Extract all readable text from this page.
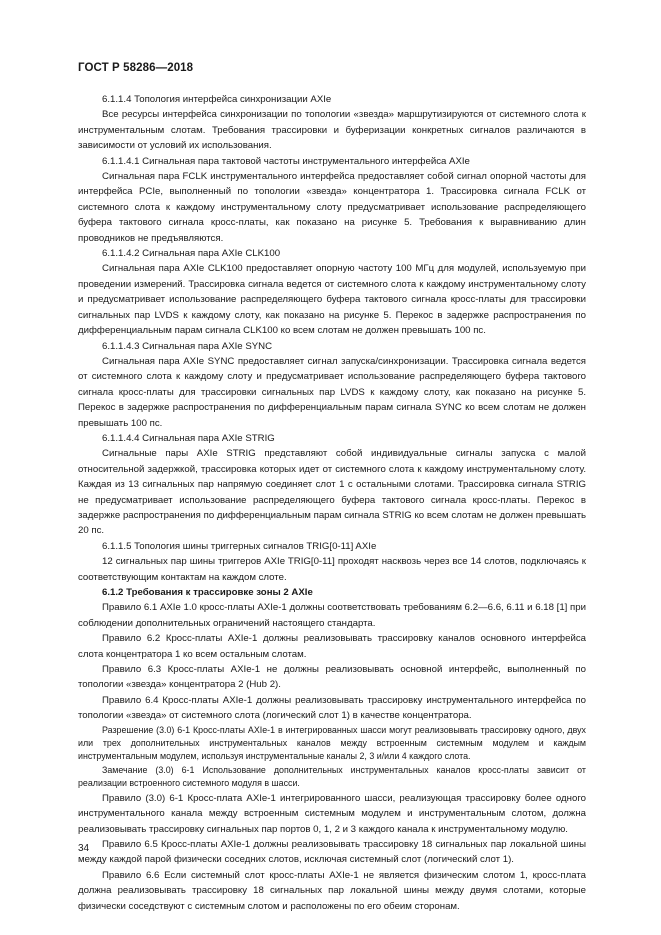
ГОСТ Р 58286—2018

6.1.1.4 Топология интерфейса синхронизации AXIe

Все ресурсы интерфейса синхронизации по топологии «звезда» маршрутизируются от системного слота к инструментальным слотам. Требования трассировки и буферизации конкретных сигналов различаются в зависимости от условий их использования.

6.1.1.4.1 Сигнальная пара тактовой частоты инструментального интерфейса AXIe

Сигнальная пара FCLK инструментального интерфейса предоставляет собой сигнал опорной частоты для интерфейса PCIe, выполненный по топологии «звезда» концентратора 1. Трассировка сигнала FCLK от системного слота к каждому инструментальному слоту предусматривает использование распределяющего буфера тактового сигнала кросс-платы, как показано на рисунке 5. Требования к выравниванию длин проводников не предъявляются.

6.1.1.4.2 Сигнальная пара AXIe CLK100

Сигнальная пара AXIe CLK100 предоставляет опорную частоту 100 МГц для модулей, используемую при проведении измерений. Трассировка сигнала ведется от системного слота к каждому инструментальному слоту и предусматривает использование распределяющего буфера тактового сигнала кросс-платы для трассировки сигнальных пар LVDS к каждому слоту, как показано на рисунке 5. Перекос в задержке распространения по дифференциальным парам сигнала CLK100 ко всем слотам не должен превышать 100 пс.

6.1.1.4.3 Сигнальная пара AXIe SYNC

Сигнальная пара AXIe SYNC предоставляет сигнал запуска/синхронизации. Трассировка сигнала ведется от системного слота к каждому слоту и предусматривает использование распределяющего буфера тактового сигнала кросс-платы для трассировки сигнальных пар LVDS к каждому слоту, как показано на рисунке 5. Перекос в задержке распространения по дифференциальным парам сигнала SYNC ко всем слотам не должен превышать 100 пс.

6.1.1.4.4 Сигнальная пара AXIe STRIG

Сигнальные пары AXIe STRIG представляют собой индивидуальные сигналы запуска с малой относительной задержкой, трассировка которых идет от системного слота к каждому инструментальному слоту. Каждая из 13 сигнальных пар напрямую соединяет слот 1 с остальными слотами. Трассировка сигнала STRIG не предусматривает использование распределяющего буфера тактового сигнала кросс-платы. Перекос в задержке распространения по дифференциальным парам сигнала STRIG ко всем слотам не должен превышать 20 пс.

6.1.1.5 Топология шины триггерных сигналов TRIG[0-11] AXIe

12 сигнальных пар шины триггеров AXIe TRIG[0-11] проходят насквозь через все 14 слотов, подключаясь к соответствующим контактам на каждом слоте.

6.1.2 Требования к трассировке зоны 2 AXIe

Правило 6.1 AXIe 1.0 кросс-платы AXIe-1 должны соответствовать требованиям 6.2—6.6, 6.11 и 6.18 [1] при соблюдении дополнительных ограничений настоящего стандарта.

Правило 6.2 Кросс-платы AXIe-1 должны реализовывать трассировку каналов основного интерфейса слота концентратора 1 ко всем остальным слотам.

Правило 6.3 Кросс-платы AXIe-1 не должны реализовывать основной интерфейс, выполненный по топологии «звезда» концентратора 2 (Hub 2).

Правило 6.4 Кросс-платы AXIe-1 должны реализовывать трассировку инструментального интерфейса по топологии «звезда» от системного слота (логический слот 1) в качестве концентратора.

Разрешение (3.0) 6-1 Кросс-платы AXIe-1 в интегрированных шасси могут реализовывать трассировку одного, двух или трех дополнительных инструментальных каналов между встроенным системным модулем и каждым инструментальным модулем, используя инструментальные каналы 2, 3 и/или 4 каждого слота.

Замечание (3.0) 6-1 Использование дополнительных инструментальных каналов кросс-платы зависит от реализации встроенного системного модуля в шасси.

Правило (3.0) 6-1 Кросс-плата AXIe-1 интегрированного шасси, реализующая трассировку более одного инструментального канала между встроенным системным модулем и инструментальным слотом, должна реализовывать трассировку сигнальных пар портов 0, 1, 2 и 3 каждого канала к инструментальному модулю.

Правило 6.5 Кросс-платы AXIe-1 должны реализовывать трассировку 18 сигнальных пар локальной шины между каждой парой физически соседних слотов, исключая системный слот (логический слот 1).

Правило 6.6 Если системный слот кросс-платы AXIe-1 не является физическим слотом 1, кросс-плата должна реализовывать трассировку 18 сигнальных пар локальной шины между двумя слотами, которые физически соседствуют с системным слотом и расположены по его обеим сторонам.

34
